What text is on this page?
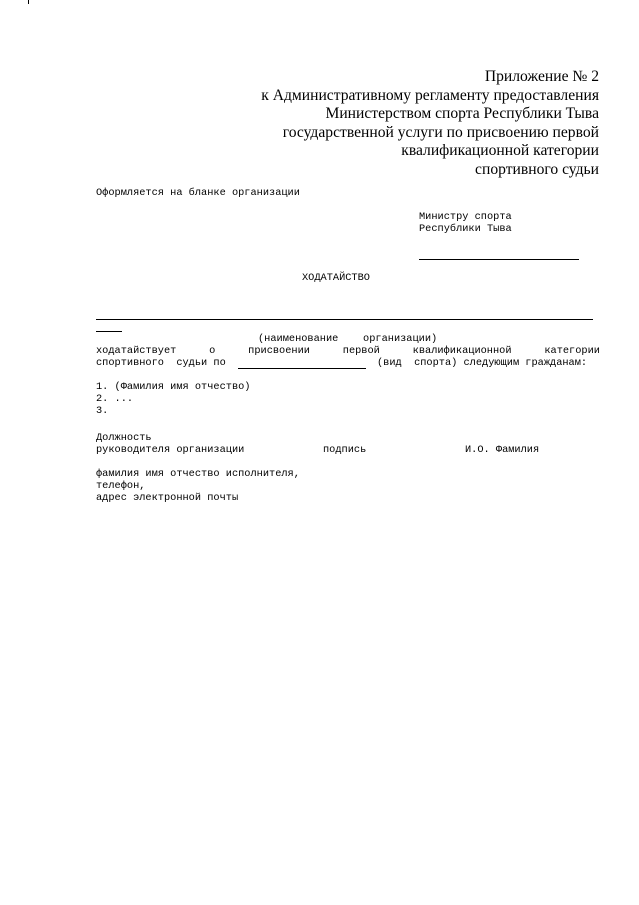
Приложение № 2
к Административному регламенту предоставления
Министерством спорта Республики Тыва
государственной услуги по присвоению первой
квалификационной категории
спортивного судьи
Оформляется на бланке организации
Министру спорта
Республики Тыва
ХОДАТАЙСТВО
(наименование    организации)
ходатайствует	о	присвоении	первой	квалификационной	категории
спортивного  судьи по	(вид  спорта) следующим гражданам:
1. (Фамилия имя отчество)
2. ...
3.
Должность
руководителя организации	подпись	И.О. Фамилия
фамилия имя отчество исполнителя,
телефон,
адрес электронной почты
